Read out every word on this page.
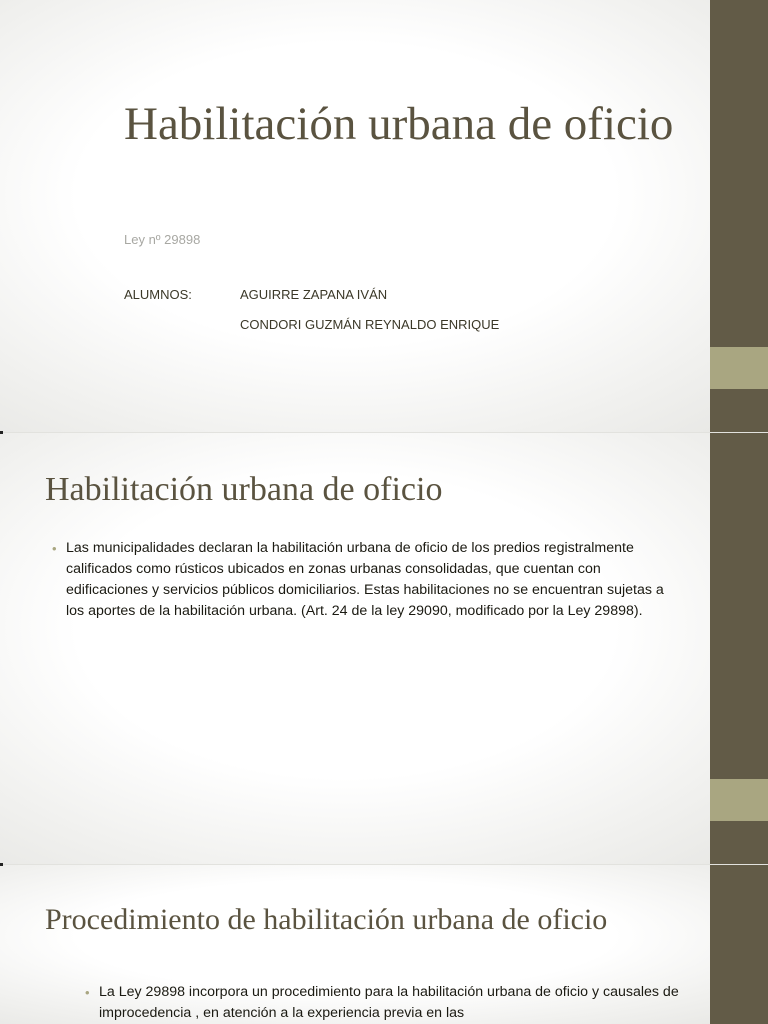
Habilitación urbana de oficio
Ley nº 29898
ALUMNOS:	AGUIRRE ZAPANA IVÁN
CONDORI GUZMÁN REYNALDO ENRIQUE
Habilitación urbana de oficio
• Las municipalidades declaran la habilitación urbana de oficio de los predios registralmente calificados como rústicos ubicados en zonas urbanas consolidadas, que cuentan con edificaciones y servicios públicos domiciliarios. Estas habilitaciones no se encuentran sujetas a los aportes de la habilitación urbana. (Art. 24 de la ley 29090, modificado por la Ley 29898).
Procedimiento de habilitación urbana de oficio
• La Ley 29898 incorpora un procedimiento para la habilitación urbana de oficio y causales de improcedencia , en atención a la experiencia previa en las
